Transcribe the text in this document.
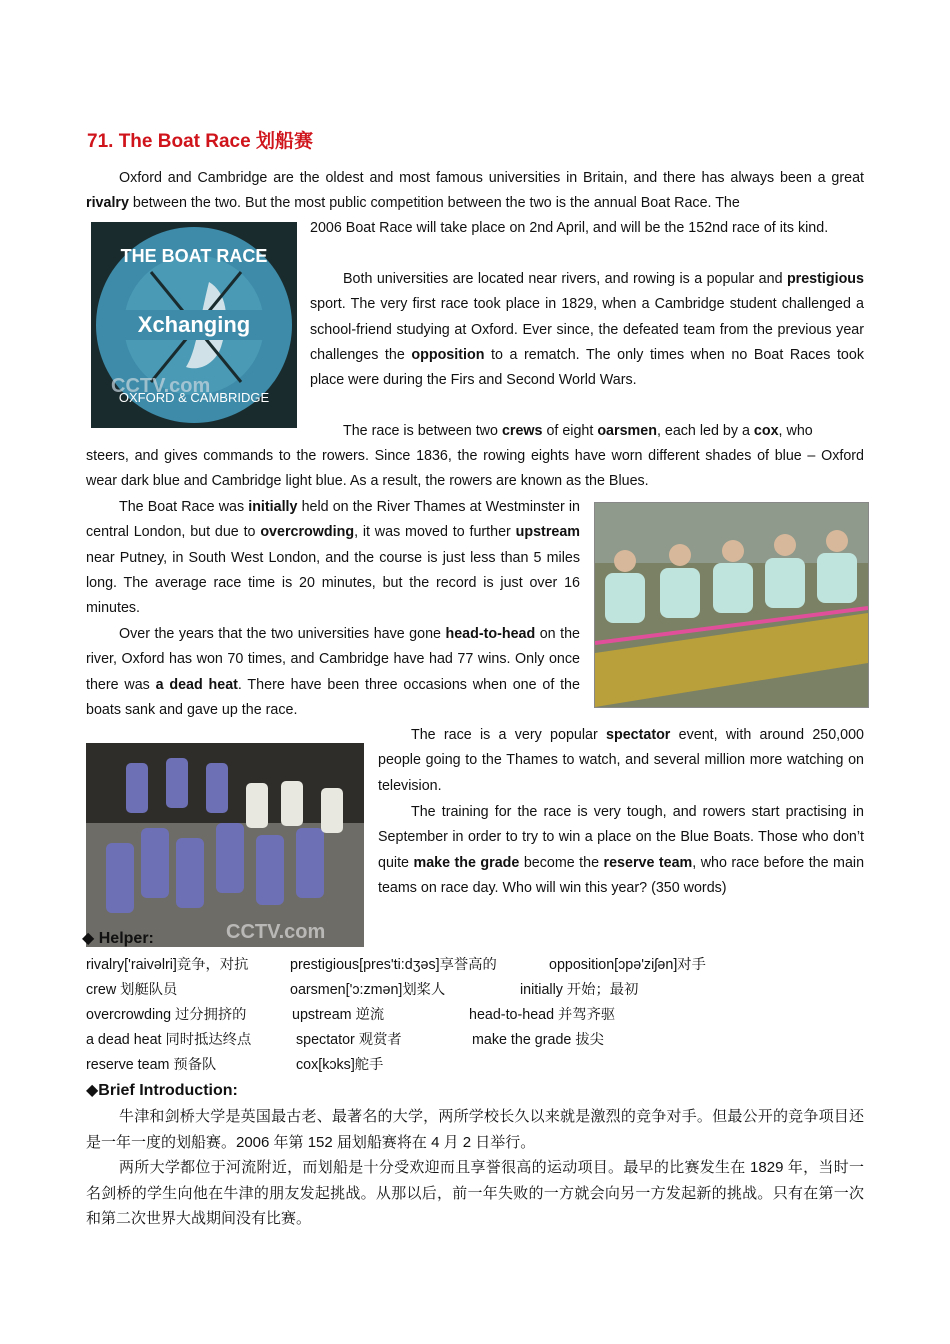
71. The Boat Race 划船赛
Oxford and Cambridge are the oldest and most famous universities in Britain, and there has always been a great rivalry between the two. But the most public competition between the two is the annual Boat Race. The
Xchanging
THE BOAT RACE
OXFORD & CAMBRIDGE
CCTV.com
2006 Boat Race will take place on 2nd April, and will be the 152nd race of its kind.
Both universities are located near rivers, and rowing is a popular and prestigious sport. The very first race took place in 1829, when a Cambridge student challenged a school-friend studying at Oxford. Ever since, the defeated team from the previous year challenges the opposition to a rematch. The only times when no Boat Races took place were during the Firs and Second World Wars.
The race is between two crews of eight oarsmen, each led by a cox, who
steers, and gives commands to the rowers. Since 1836, the rowing eights have worn different shades of blue – Oxford wear dark blue and Cambridge light blue. As a result, the rowers are known as the Blues.
The Boat Race was initially held on the River Thames at Westminster in central London, but due to overcrowding, it was moved to further upstream near Putney, in South West London, and the course is just less than 5 miles long. The average race time is 20 minutes, but the record is just over 16 minutes.
Over the years that the two universities have gone head-to-head on the river, Oxford has won 70 times, and Cambridge have had 77 wins. Only once there was a dead heat. There have been three occasions when one of the boats sank and gave up the race.
CCTV.com
The race is a very popular spectator event, with around 250,000 people going to the Thames to watch, and several million more watching on television.
The training for the race is very tough, and rowers start practising in September in order to try to win a place on the Blue Boats. Those who don’t quite make the grade become the reserve team, who race before the main teams on race day. Who will win this year? (350 words)
◆ Helper:
rivalry['raivəlri]竞争，对抗	prestigious[pres'ti:dʒəs]享誉高的	opposition[ɔpə'ziʃən]对手
crew 划艇队员	oarsmen['ɔ:zmən]划桨人	initially 开始；最初
overcrowding 过分拥挤的	upstream 逆流	head-to-head 并驾齐驱
a dead heat 同时抵达终点	spectator 观赏者	make the grade 拔尖
reserve team 预备队	cox[kɔks]舵手
◆Brief Introduction:
牛津和剑桥大学是英国最古老、最著名的大学，两所学校长久以来就是激烈的竞争对手。但最公开的竞争项目还是一年一度的划船赛。2006 年第 152 届划船赛将在 4 月 2 日举行。
两所大学都位于河流附近，而划船是十分受欢迎而且享誉很高的运动项目。最早的比赛发生在 1829 年，当时一名剑桥的学生向他在牛津的朋友发起挑战。从那以后，前一年失败的一方就会向另一方发起新的挑战。只有在第一次和第二次世界大战期间没有比赛。
